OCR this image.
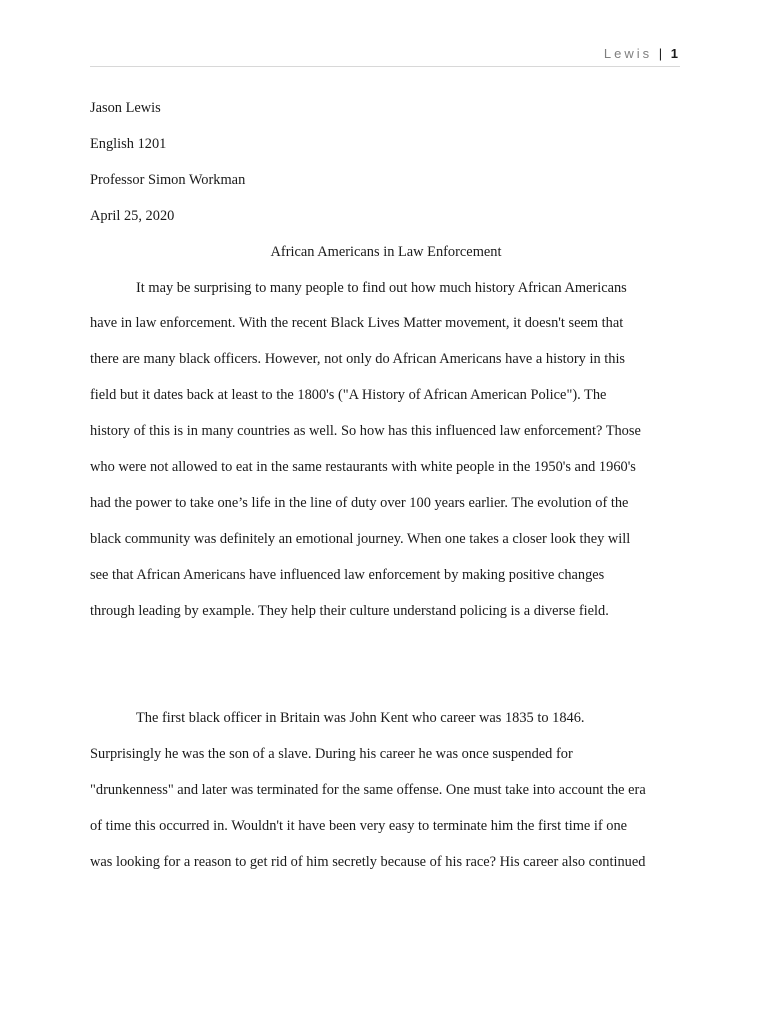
Lewis | 1

Jason Lewis

English 1201

Professor Simon Workman

April 25, 2020

African Americans in Law Enforcement

It may be surprising to many people to find out how much history African Americans

have in law enforcement. With the recent Black Lives Matter movement, it doesn't seem that

there are many black officers. However, not only do African Americans have a history in this

field but it dates back at least to the 1800's ("A History of African American Police"). The

history of this is in many countries as well. So how has this influenced law enforcement? Those

who were not allowed to eat in the same restaurants with white people in the 1950's and 1960's

had the power to take one’s life in the line of duty over 100 years earlier. The evolution of the

black community was definitely an emotional journey. When one takes a closer look they will

see that African Americans have influenced law enforcement by making positive changes

through leading by example. They help their culture understand policing is a diverse field.

The first black officer in Britain was John Kent who career was 1835 to 1846.

Surprisingly he was the son of a slave. During his career he was once suspended for

"drunkenness" and later was terminated for the same offense. One must take into account the era

of time this occurred in. Wouldn't it have been very easy to terminate him the first time if one

was looking for a reason to get rid of him secretly because of his race? His career also continued
